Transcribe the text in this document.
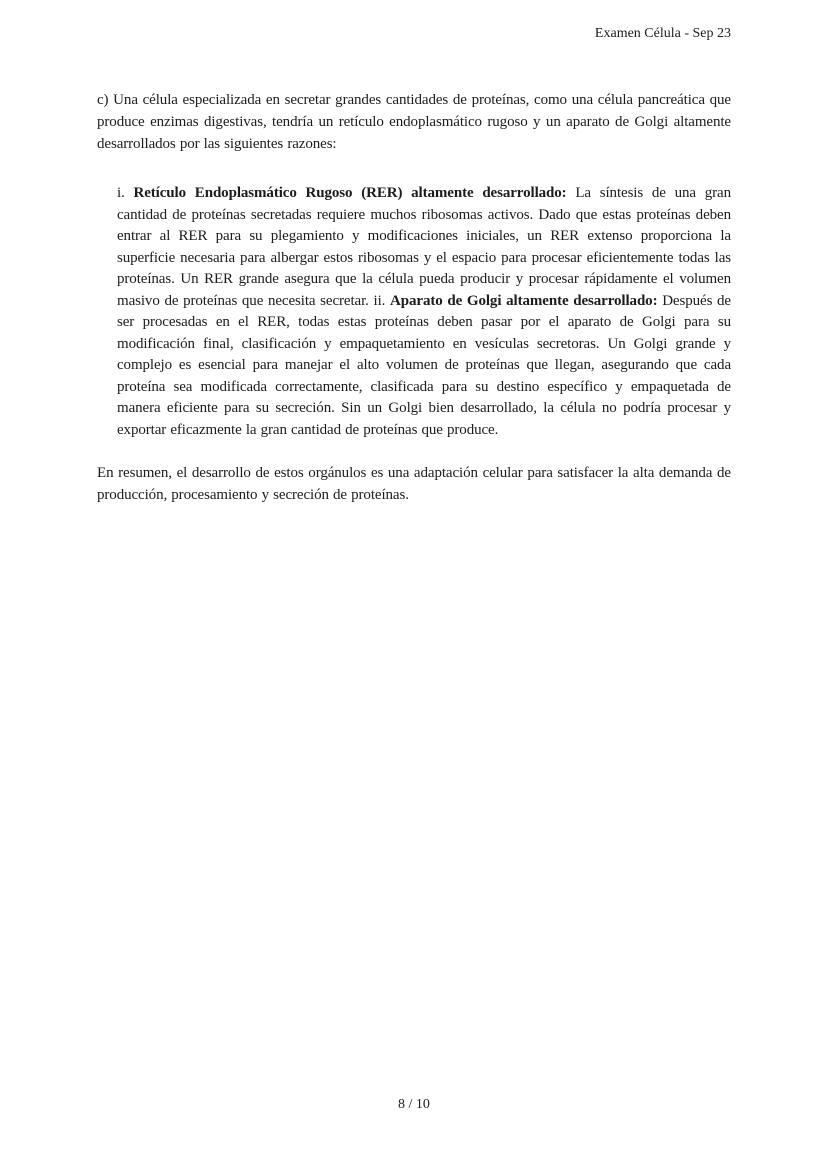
Examen Célula - Sep 23

c) Una célula especializada en secretar grandes cantidades de proteínas, como una célula pancreática que produce enzimas digestivas, tendría un retículo endoplasmático rugoso y un aparato de Golgi altamente desarrollados por las siguientes razones:

i. Retículo Endoplasmático Rugoso (RER) altamente desarrollado: La síntesis de una gran cantidad de proteínas secretadas requiere muchos ribosomas activos. Dado que estas proteínas deben entrar al RER para su plegamiento y modificaciones iniciales, un RER extenso proporciona la superficie necesaria para albergar estos ribosomas y el espacio para procesar eficientemente todas las proteínas. Un RER grande asegura que la célula pueda producir y procesar rápidamente el volumen masivo de proteínas que necesita secretar. ii. Aparato de Golgi altamente desarrollado: Después de ser procesadas en el RER, todas estas proteínas deben pasar por el aparato de Golgi para su modificación final, clasificación y empaquetamiento en vesículas secretoras. Un Golgi grande y complejo es esencial para manejar el alto volumen de proteínas que llegan, asegurando que cada proteína sea modificada correctamente, clasificada para su destino específico y empaquetada de manera eficiente para su secreción. Sin un Golgi bien desarrollado, la célula no podría procesar y exportar eficazmente la gran cantidad de proteínas que produce.

En resumen, el desarrollo de estos orgánulos es una adaptación celular para satisfacer la alta demanda de producción, procesamiento y secreción de proteínas.

8 / 10
